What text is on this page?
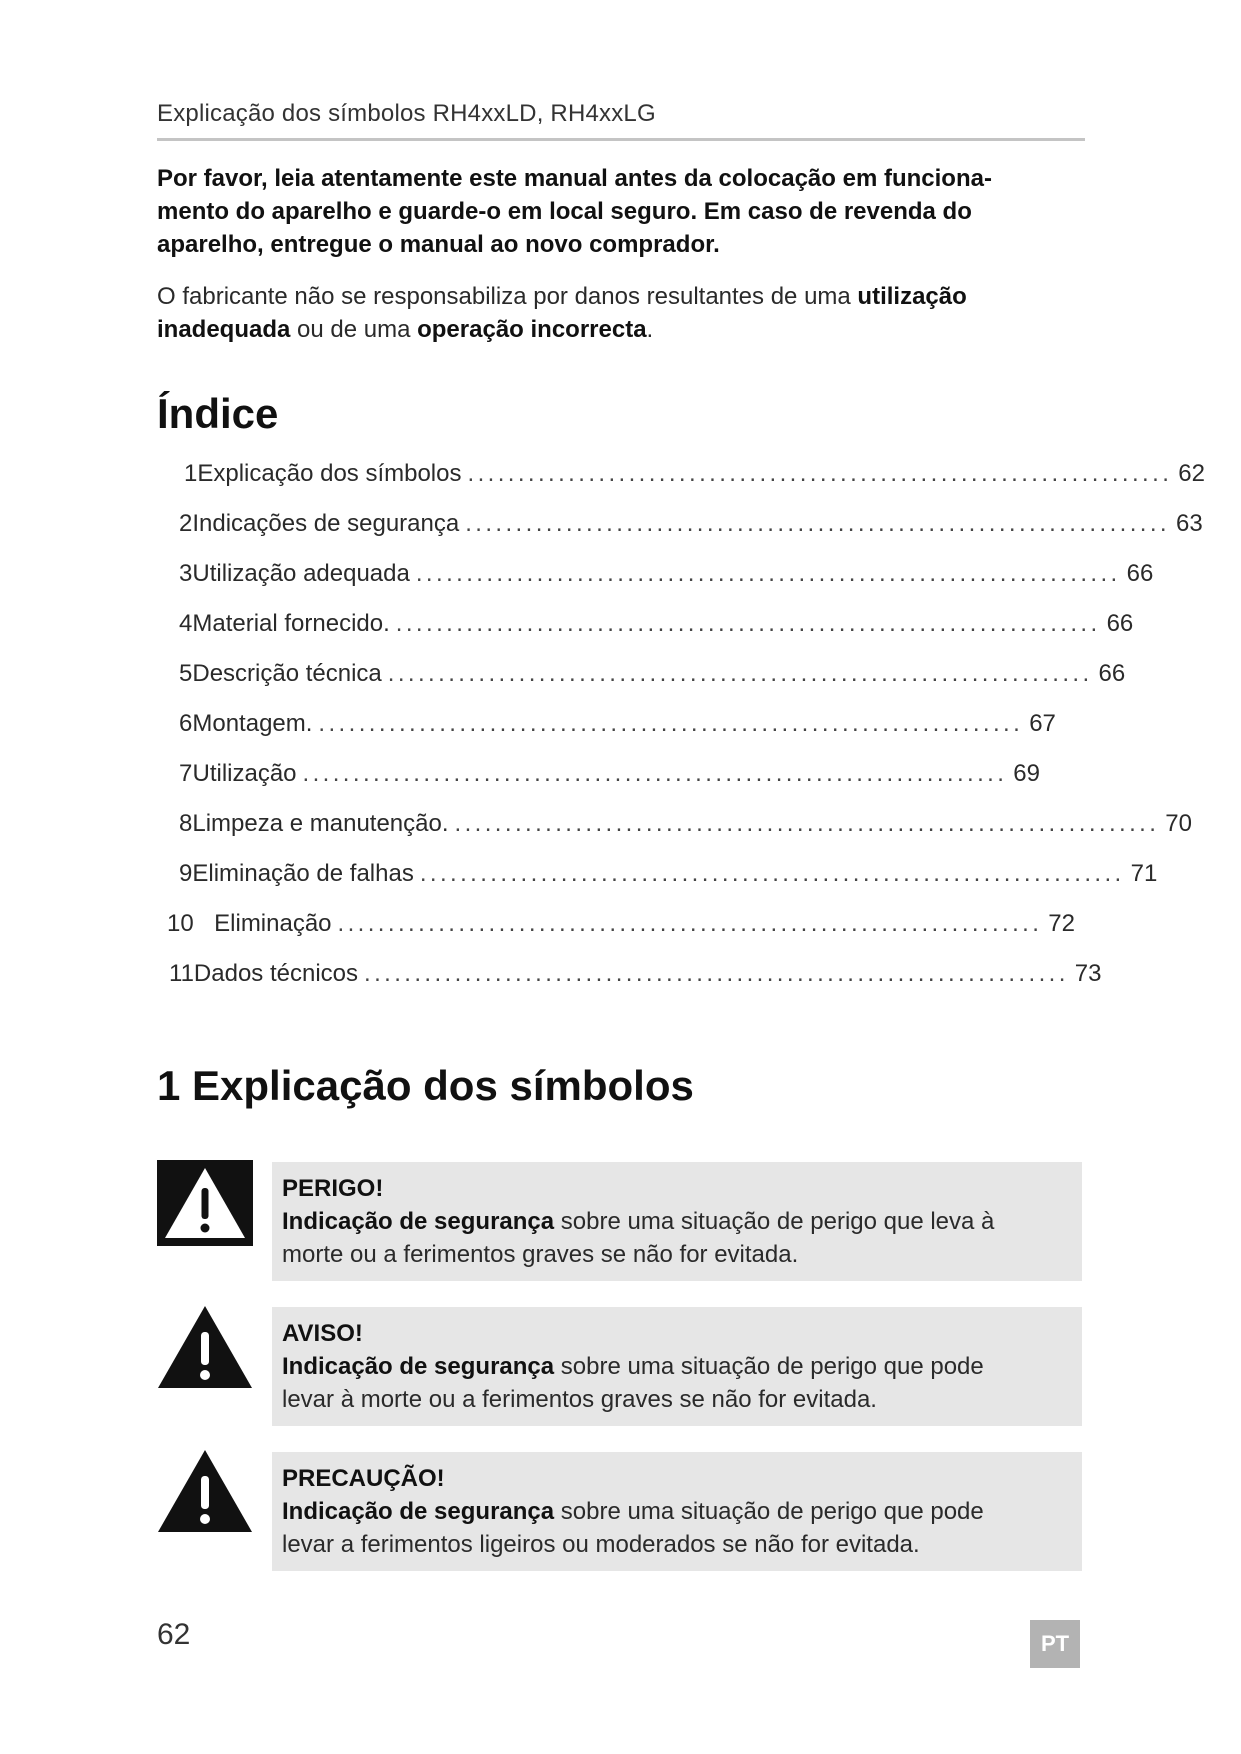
Explicação dos símbolos RH4xxLD, RH4xxLG
Por favor, leia atentamente este manual antes da colocação em funciona-
mento do aparelho e guarde-o em local seguro. Em caso de revenda do
aparelho, entregue o manual ao novo comprador.
O fabricante não se responsabiliza por danos resultantes de uma utilização
inadequada ou de uma operação incorrecta.
Índice
1 Explicação dos símbolos ...................................................................... 62
2 Indicações de segurança ...................................................................... 63
3 Utilização adequada ...................................................................... 66
4 Material fornecido. ...................................................................... 66
5 Descrição técnica ...................................................................... 66
6 Montagem. ...................................................................... 67
7 Utilização ...................................................................... 69
8 Limpeza e manutenção. ...................................................................... 70
9 Eliminação de falhas ...................................................................... 71
10 Eliminação ...................................................................... 72
11 Dados técnicos ...................................................................... 73
1 Explicação dos símbolos
PERIGO!
Indicação de segurança sobre uma situação de perigo que leva à
morte ou a ferimentos graves se não for evitada.
AVISO!
Indicação de segurança sobre uma situação de perigo que pode
levar à morte ou a ferimentos graves se não for evitada.
PRECAUÇÃO!
Indicação de segurança sobre uma situação de perigo que pode
levar a ferimentos ligeiros ou moderados se não for evitada.
62	PT
